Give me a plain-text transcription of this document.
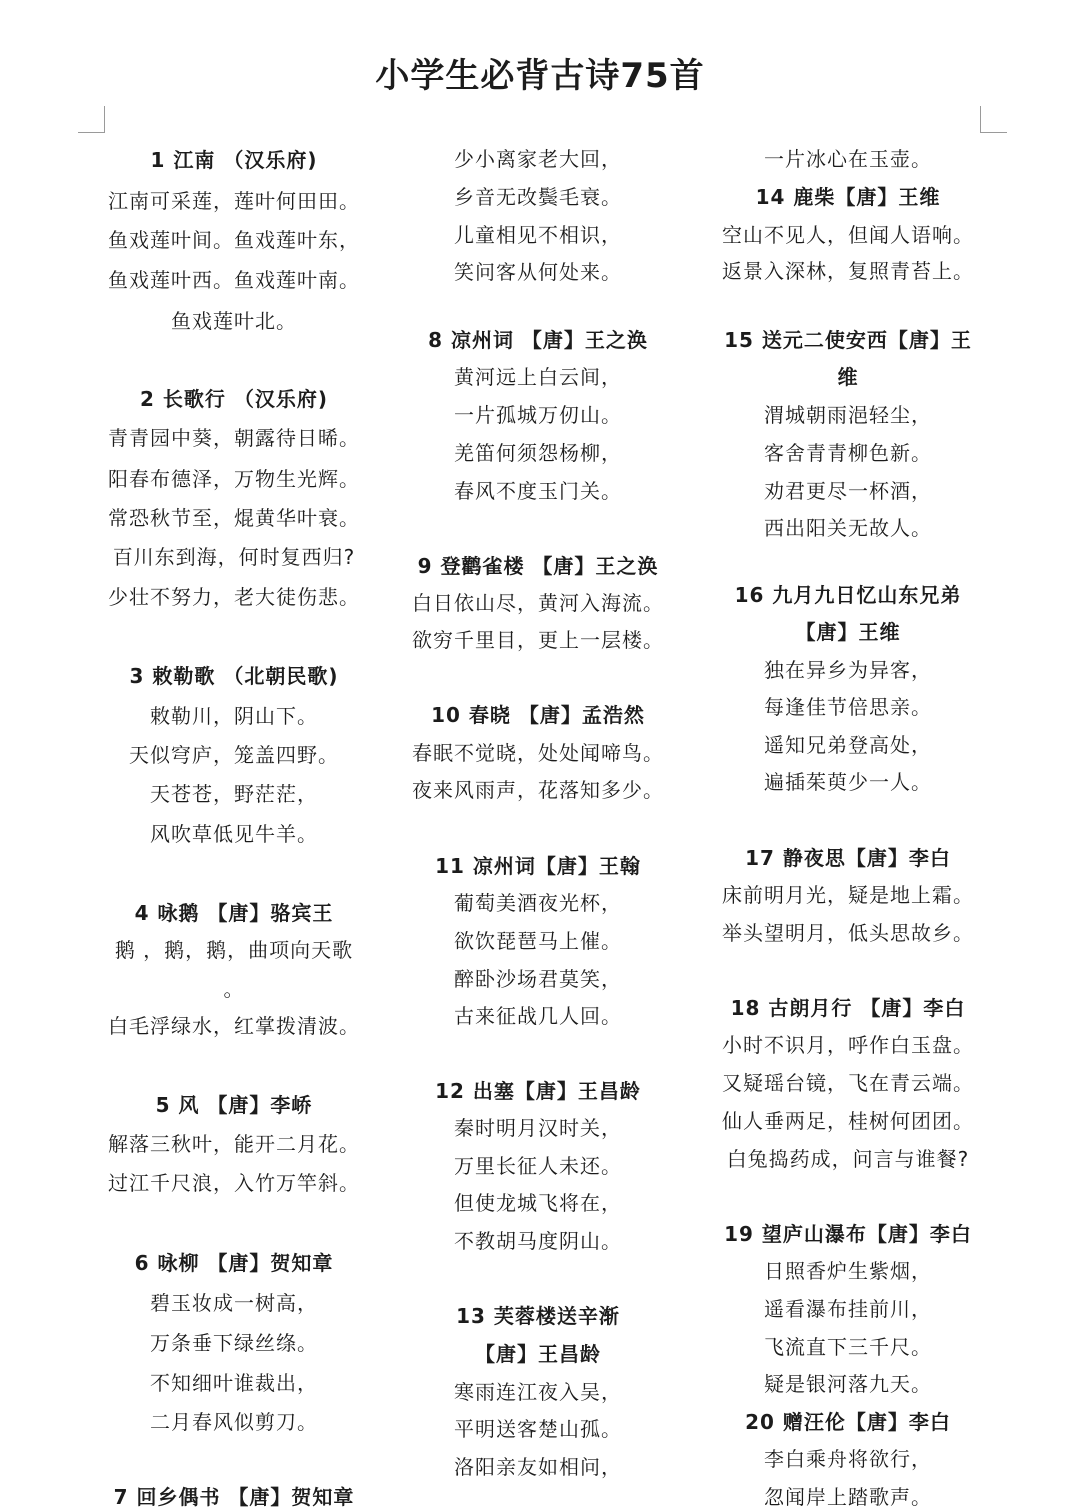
小学生必背古诗75首
1 江南 （汉乐府)
江南可采莲，莲叶何田田。
鱼戏莲叶间。鱼戏莲叶东，
鱼戏莲叶西。鱼戏莲叶南。
鱼戏莲叶北。
2 长歌行 （汉乐府)
青青园中葵，朝露待日晞。
阳春布德泽，万物生光辉。
常恐秋节至，焜黄华叶衰。
百川东到海，何时复西归?
少壮不努力，老大徒伤悲。
3 敕勒歌 （北朝民歌)
敕勒川，阴山下。
天似穹庐，笼盖四野。
天苍苍，野茫茫，
风吹草低见牛羊。
4 咏鹅 【唐】骆宾王
鹅 ，鹅，鹅，曲项向天歌
。
白毛浮绿水，红掌拨清波。
5 风 【唐】李峤
解落三秋叶，能开二月花。
过江千尺浪，入竹万竿斜。
6 咏柳 【唐】贺知章
碧玉妆成一树高，
万条垂下绿丝绦。
不知细叶谁裁出，
二月春风似剪刀。
7 回乡偶书 【唐】贺知章
少小离家老大回，
乡音无改鬓毛衰。
儿童相见不相识，
笑问客从何处来。
8 凉州词 【唐】王之涣
黄河远上白云间，
一片孤城万仞山。
羌笛何须怨杨柳，
春风不度玉门关。
9 登鹳雀楼 【唐】王之涣
白日依山尽，黄河入海流。
欲穷千里目，更上一层楼。
10 春晓 【唐】孟浩然
春眠不觉晓，处处闻啼鸟。
夜来风雨声，花落知多少。
11 凉州词【唐】王翰
葡萄美酒夜光杯，
欲饮琵琶马上催。
醉卧沙场君莫笑，
古来征战几人回。
12 出塞【唐】王昌龄
秦时明月汉时关，
万里长征人未还。
但使龙城飞将在，
不教胡马度阴山。
13 芙蓉楼送辛渐
【唐】王昌龄
寒雨连江夜入吴，
平明送客楚山孤。
洛阳亲友如相问，
一片冰心在玉壶。
14 鹿柴【唐】王维
空山不见人，但闻人语响。
返景入深林，复照青苔上。
15 送元二使安西【唐】王
维
渭城朝雨浥轻尘，
客舍青青柳色新。
劝君更尽一杯酒，
西出阳关无故人。
16 九月九日忆山东兄弟
【唐】王维
独在异乡为异客，
每逢佳节倍思亲。
遥知兄弟登高处，
遍插茱萸少一人。
17 静夜思【唐】李白
床前明月光，疑是地上霜。
举头望明月，低头思故乡。
18 古朗月行 【唐】李白
小时不识月，呼作白玉盘。
又疑瑶台镜，飞在青云端。
仙人垂两足，桂树何团团。
白兔捣药成，问言与谁餐?
19 望庐山瀑布【唐】李白
日照香炉生紫烟，
遥看瀑布挂前川，
飞流直下三千尺。
疑是银河落九天。
20 赠汪伦【唐】李白
李白乘舟将欲行，
忽闻岸上踏歌声。
